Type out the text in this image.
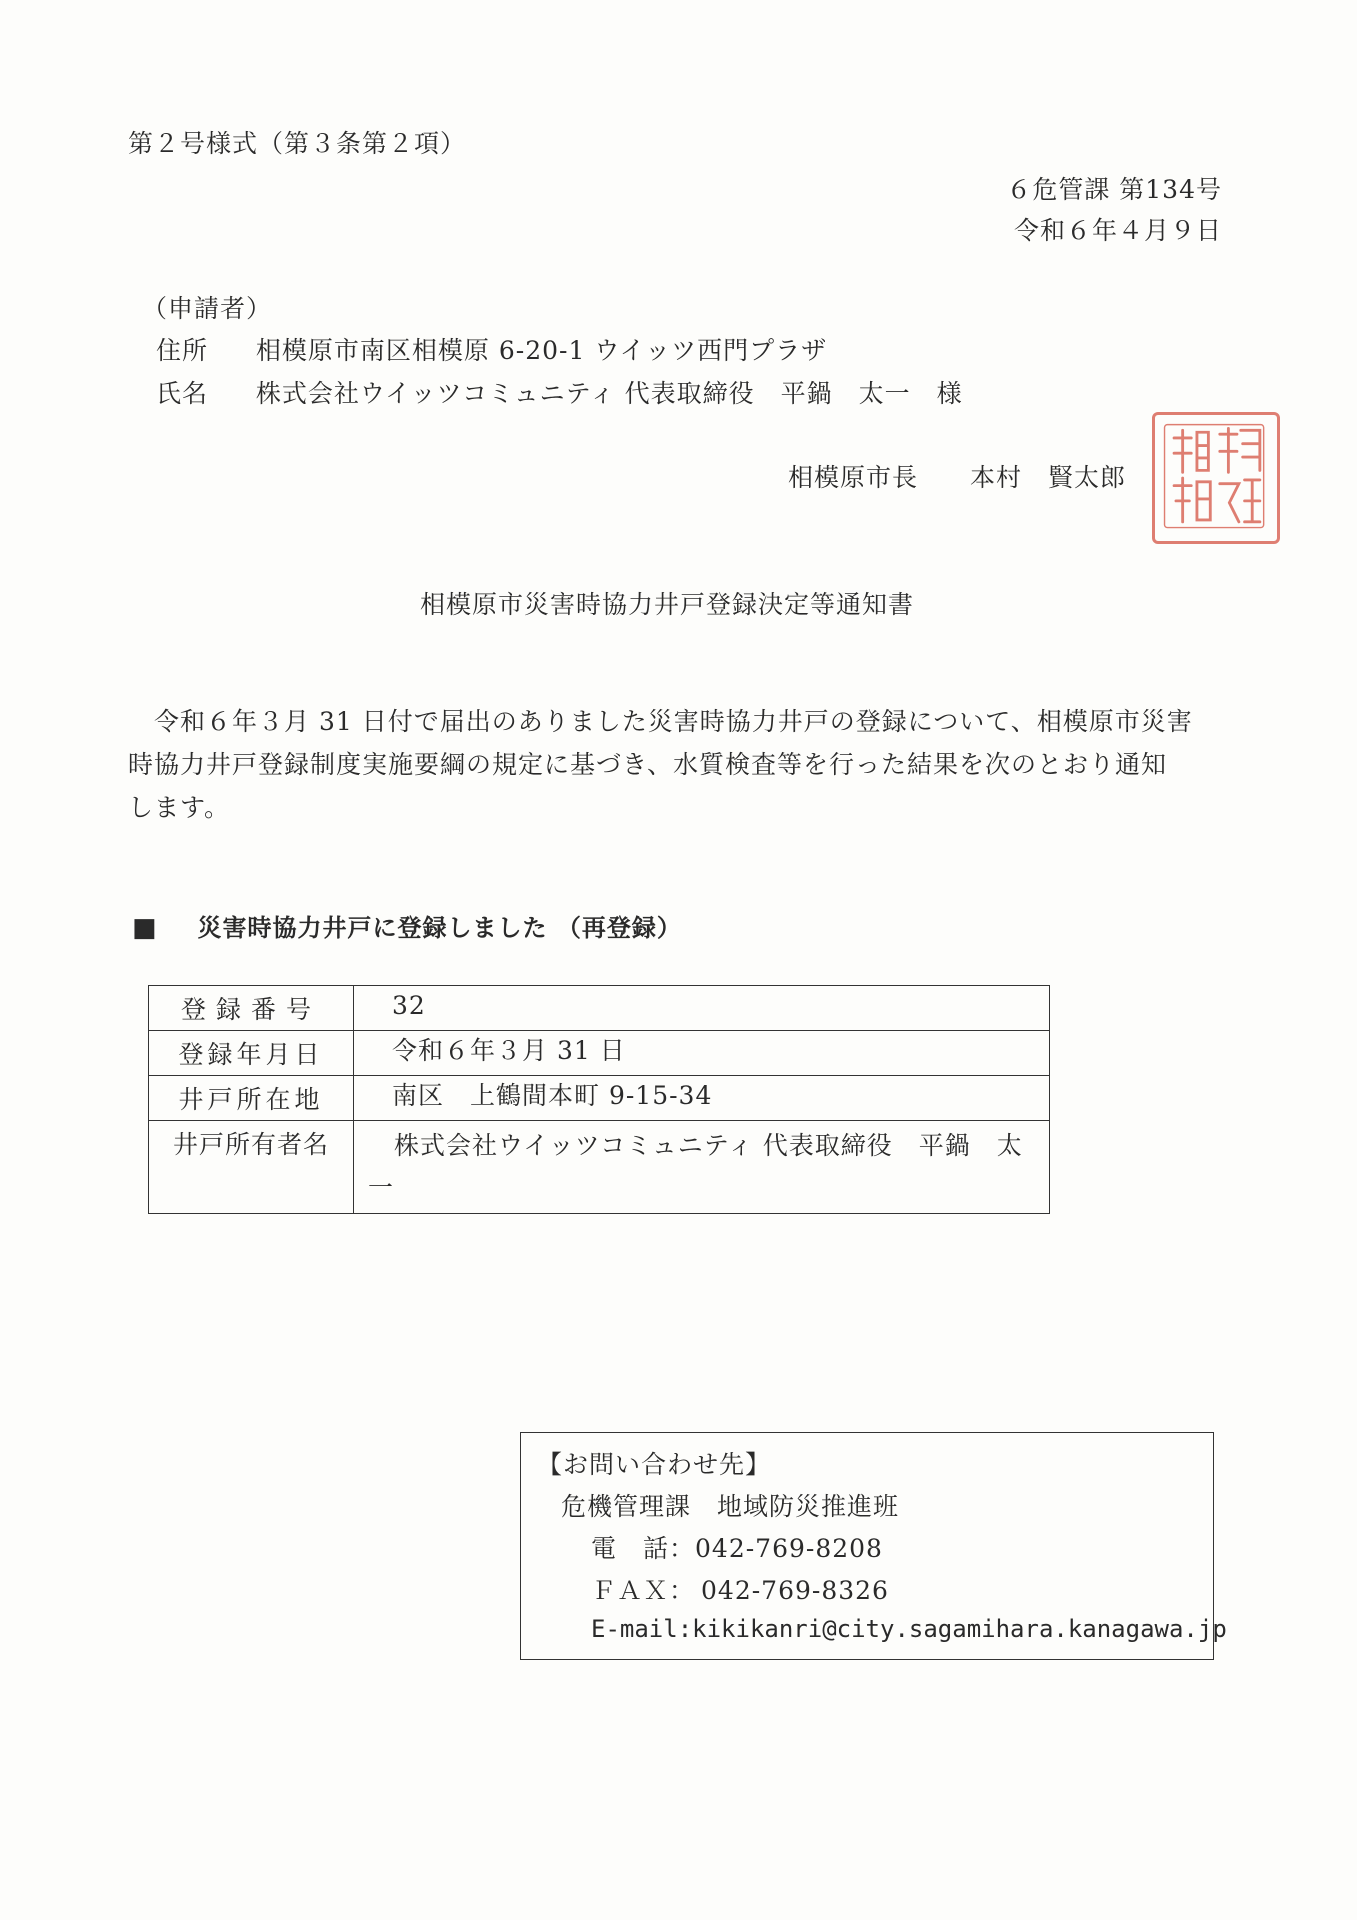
第２号様式（第３条第２項）
６危管課 第134号
令和６年４月９日
（申請者）
住所 相模原市南区相模原 6-20-1 ウイッツ西門プラザ
氏名 株式会社ウイッツコミュニティ 代表取締役　平鍋　太一　様
相模原市長　　本村　賢太郎
相模原市災害時協力井戸登録決定等通知書
令和６年３月 31 日付で届出のありました災害時協力井戸の登録について、相模原市災害
時協力井戸登録制度実施要綱の規定に基づき、水質検査等を行った結果を次のとおり通知
します。
■ 災害時協力井戸に登録しました （再登録）
登録番号	32
登録年月日	令和６年３月 31 日
井戸所在地	南区　上鶴間本町 9-15-34
井戸所有者名	　株式会社ウイッツコミュニティ 代表取締役　平鍋　太一
【お問い合わせ先】
危機管理課　地域防災推進班
電　話：042-769-8208
ＦＡＸ： 042-769-8326
E-mail:kikikanri@city.sagamihara.kanagawa.jp
